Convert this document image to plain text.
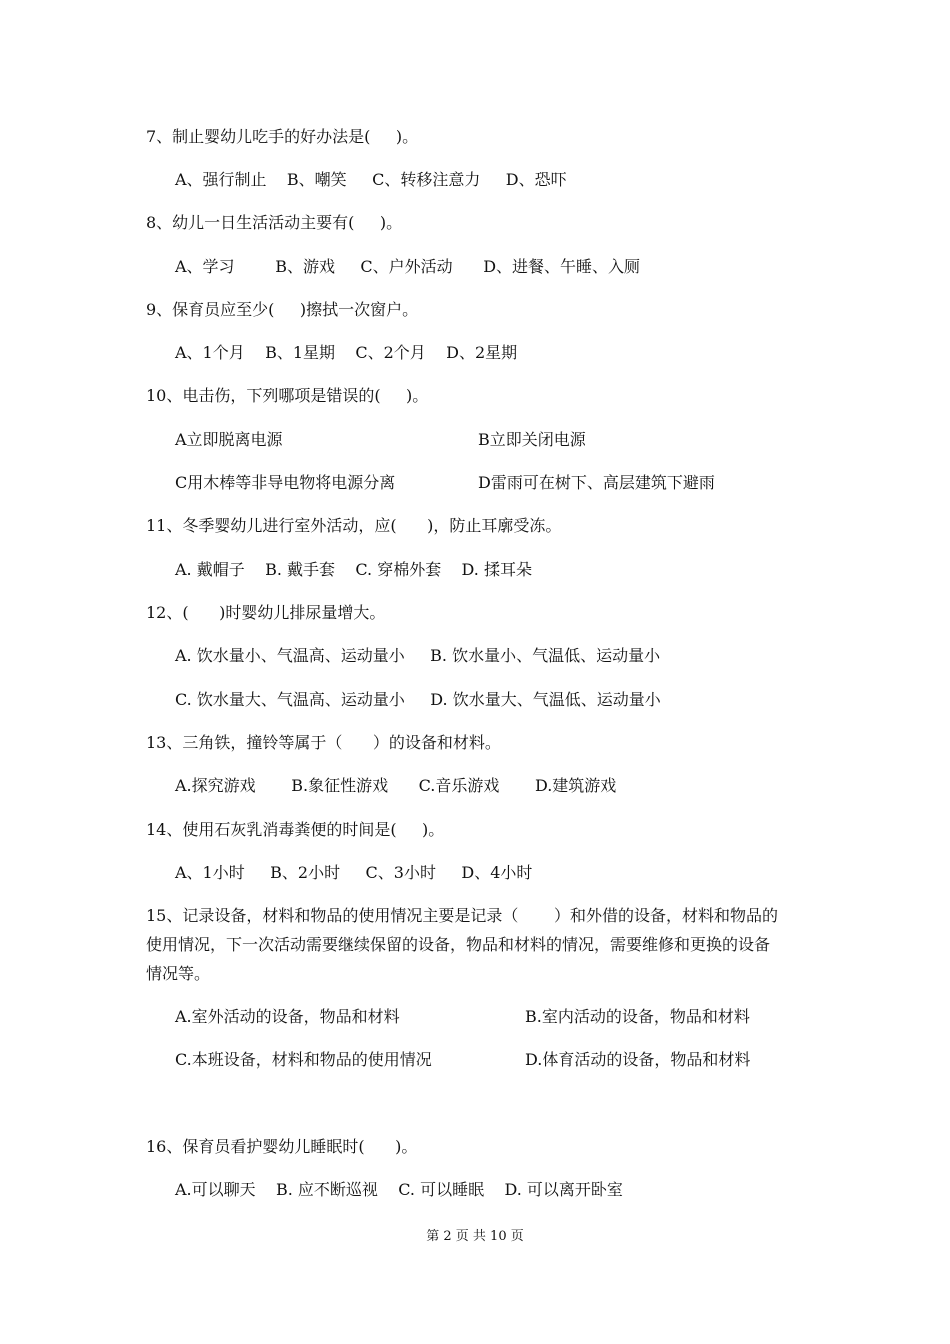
7、制止婴幼儿吃手的好办法是(     )。
A、强行制止    B、嘲笑     C、转移注意力     D、恐吓
8、幼儿一日生活活动主要有(     )。
A、学习        B、游戏     C、户外活动      D、进餐、午睡、入厕
9、保育员应至少(     )擦拭一次窗户。
A、1个月    B、1星期    C、2个月    D、2星期
10、电击伤，下列哪项是错误的(     )。
A立即脱离电源	B立即关闭电源
C用木棒等非导电物将电源分离	D雷雨可在树下、高层建筑下避雨
11、冬季婴幼儿进行室外活动，应(      )，防止耳廓受冻。
A. 戴帽子    B. 戴手套    C. 穿棉外套    D. 揉耳朵
12、(      )时婴幼儿排尿量增大。
A. 饮水量小、气温高、运动量小     B. 饮水量小、气温低、运动量小
C. 饮水量大、气温高、运动量小     D. 饮水量大、气温低、运动量小
13、三角铁，撞铃等属于（      ）的设备和材料。
A.探究游戏       B.象征性游戏      C.音乐游戏       D.建筑游戏
14、使用石灰乳消毒粪便的时间是(     )。
A、1小时     B、2小时     C、3小时     D、4小时
15、记录设备，材料和物品的使用情况主要是记录（       ）和外借的设备，材料和物品的
使用情况，下一次活动需要继续保留的设备，物品和材料的情况，需要维修和更换的设备
情况等。
A.室外活动的设备，物品和材料	B.室内活动的设备，物品和材料
C.本班设备，材料和物品的使用情况	D.体育活动的设备，物品和材料
16、保育员看护婴幼儿睡眠时(      )。
A.可以聊天    B. 应不断巡视    C. 可以睡眠    D. 可以离开卧室
第 2 页 共 10 页
